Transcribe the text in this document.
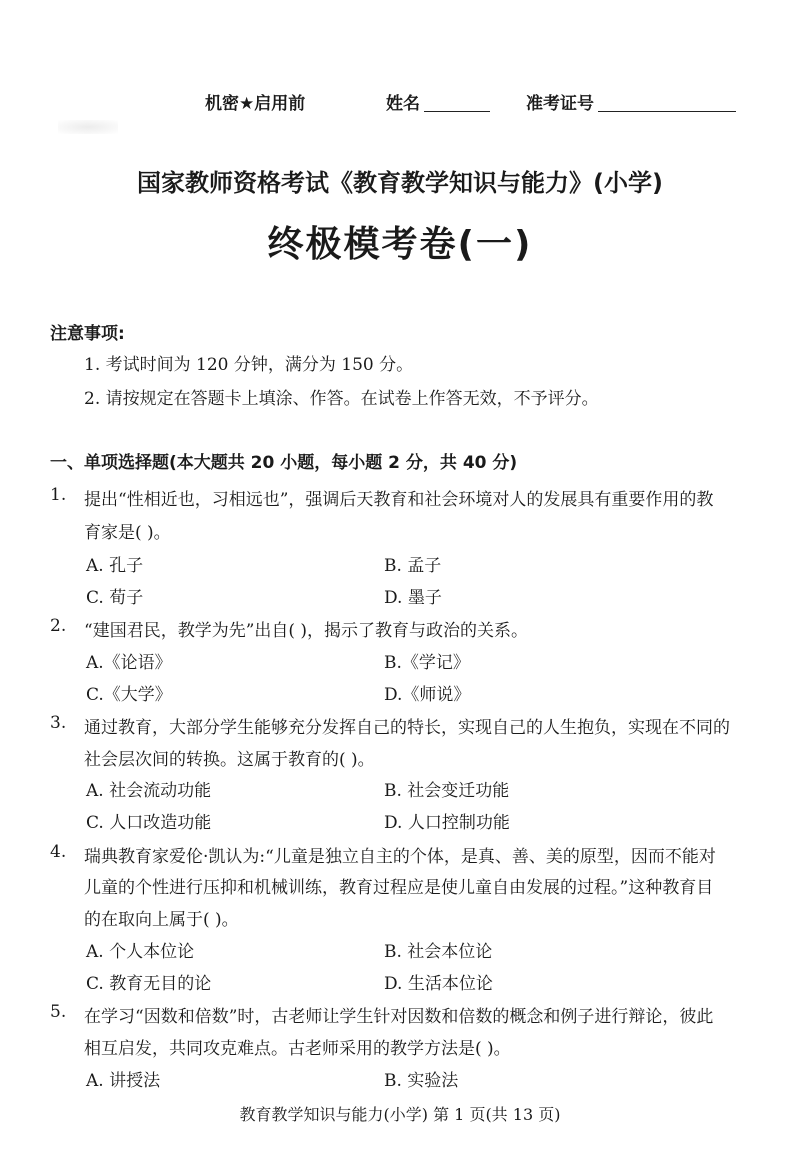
机密★启用前	姓名	准考证号
国家教师资格考试《教育教学知识与能力》(小学)
终极模考卷(一)
注意事项:
1. 考试时间为 120 分钟，满分为 150 分。
2. 请按规定在答题卡上填涂、作答。在试卷上作答无效，不予评分。
一、单项选择题(本大题共 20 小题，每小题 2 分，共 40 分)
1. 提出“性相近也，习相远也”，强调后天教育和社会环境对人的发展具有重要作用的教
育家是( )。
A. 孔子	B. 孟子
C. 荀子	D. 墨子
2. “建国君民，教学为先”出自( )，揭示了教育与政治的关系。
A.《论语》	B.《学记》
C.《大学》	D.《师说》
3. 通过教育，大部分学生能够充分发挥自己的特长，实现自己的人生抱负，实现在不同的
社会层次间的转换。这属于教育的( )。
A. 社会流动功能	B. 社会变迁功能
C. 人口改造功能	D. 人口控制功能
4. 瑞典教育家爱伦·凯认为:“儿童是独立自主的个体，是真、善、美的原型，因而不能对
儿童的个性进行压抑和机械训练，教育过程应是使儿童自由发展的过程。”这种教育目
的在取向上属于( )。
A. 个人本位论	B. 社会本位论
C. 教育无目的论	D. 生活本位论
5. 在学习“因数和倍数”时，古老师让学生针对因数和倍数的概念和例子进行辩论，彼此
相互启发，共同攻克难点。古老师采用的教学方法是( )。
A. 讲授法	B. 实验法
教育教学知识与能力(小学) 第 1 页(共 13 页)
